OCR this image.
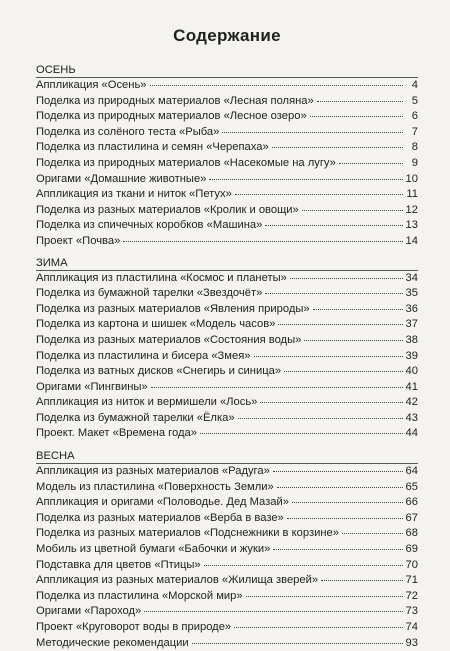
Содержание
ОСЕНЬ
Аппликация «Осень»	4
Поделка из природных материалов «Лесная поляна»	5
Поделка из природных материалов «Лесное озеро»	6
Поделка из солёного теста «Рыба»	7
Поделка из пластилина и семян «Черепаха»	8
Поделка из природных материалов «Насекомые на лугу»	9
Оригами «Домашние животные»	10
Аппликация из ткани и ниток «Петух»	11
Поделка из разных материалов «Кролик и овощи»	12
Поделка из спичечных коробков «Машина»	13
Проект «Почва»	14
ЗИМА
Аппликация из пластилина «Космос и планеты»	34
Поделка из бумажной тарелки «Звездочёт»	35
Поделка из разных материалов «Явления природы»	36
Поделка из картона и шишек «Модель часов»	37
Поделка из разных материалов «Состояния воды»	38
Поделка из пластилина и бисера «Змея»	39
Поделка из ватных дисков «Снегирь и синица»	40
Оригами «Пингвины»	41
Аппликация из ниток и вермишели «Лось»	42
Поделка из бумажной тарелки «Ёлка»	43
Проект. Макет «Времена года»	44
ВЕСНА
Аппликация из разных материалов «Радуга»	64
Модель из пластилина «Поверхность Земли»	65
Аппликация и оригами «Половодье. Дед Мазай»	66
Поделка из разных материалов «Верба в вазе»	67
Поделка из разных материалов «Подснежники в корзине»	68
Мобиль из цветной бумаги «Бабочки и жуки»	69
Подставка для цветов «Птицы»	70
Аппликация из разных материалов «Жилища зверей»	71
Поделка из пластилина «Морской мир»	72
Оригами «Пароход»	73
Проект «Круговорот воды в природе»	74
Методические рекомендации	93
